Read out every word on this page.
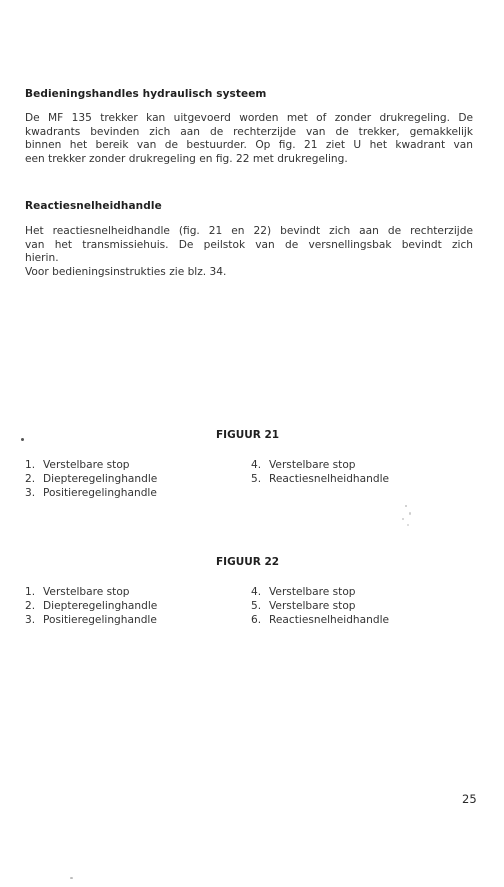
Bedieningshandles hydraulisch systeem
De MF 135 trekker kan uitgevoerd worden met of zonder drukregeling. De
kwadrants bevinden zich aan de rechterzijde van de trekker, gemakkelijk
binnen het bereik van de bestuurder. Op fig. 21 ziet U het kwadrant van
een trekker zonder drukregeling en fig. 22 met drukregeling.
Reactiesnelheidhandle
Het reactiesnelheidhandle (fig. 21 en 22) bevindt zich aan de rechterzijde
van het transmissiehuis. De peilstok van de versnellingsbak bevindt zich
hierin.
Voor bedieningsinstrukties zie blz. 34.
FIGUUR 21
1. Verstelbare stop
2. Diepteregelinghandle
3. Positieregelinghandle
4. Verstelbare stop
5. Reactiesnelheidhandle
FIGUUR 22
1. Verstelbare stop
2. Diepteregelinghandle
3. Positieregelinghandle
4. Verstelbare stop
5. Verstelbare stop
6. Reactiesnelheidhandle
25
